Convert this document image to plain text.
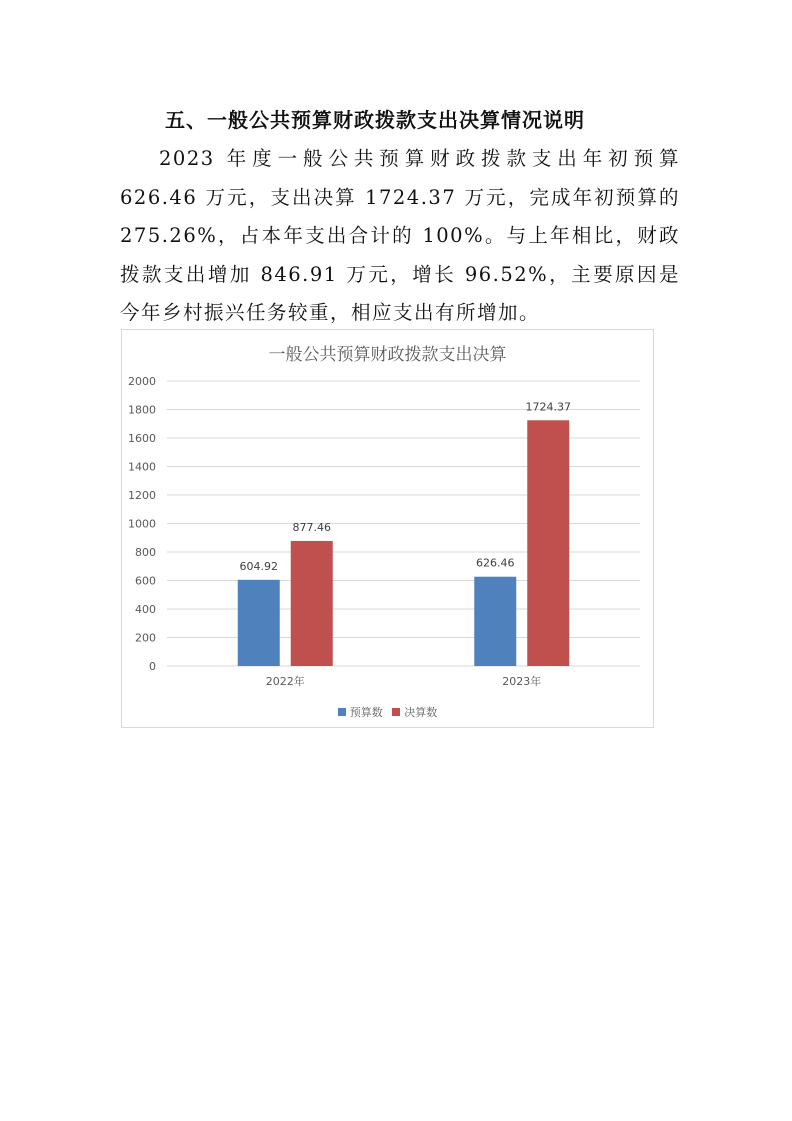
五、一般公共预算财政拨款支出决算情况说明
2023 年度一般公共预算财政拨款支出年初预算 626.46 万元，支出决算 1724.37 万元，完成年初预算的 275.26%，占本年支出合计的 100%。与上年相比，财政拨款支出增加 846.91 万元，增长 96.52%，主要原因是今年乡村振兴任务较重，相应支出有所增加。
一般公共预算财政拨款支出决算
0
200
400
600
800
1000
1200
1400
1600
1800
2000
604.92
877.46
2022年
626.46
1724.37
2023年
预算数 决算数
